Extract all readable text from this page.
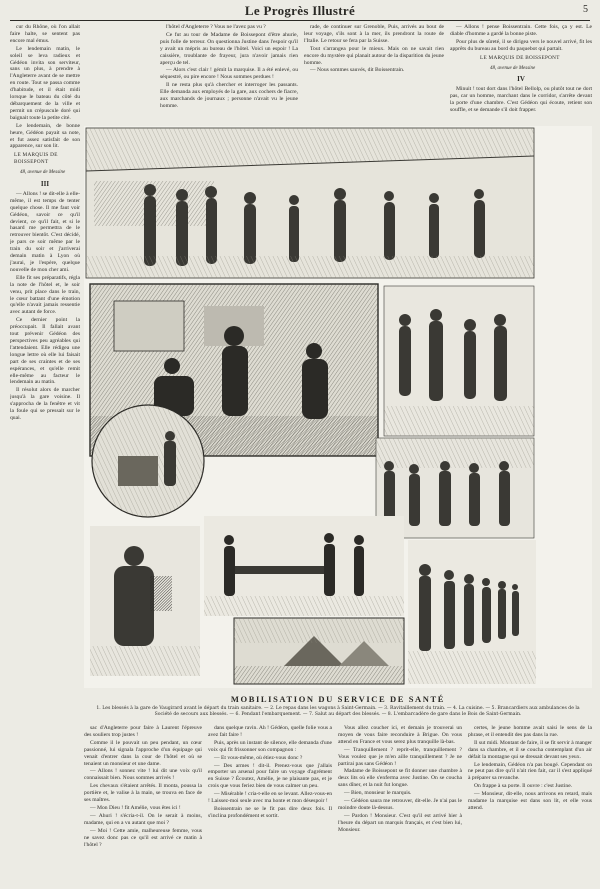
Le Progrès Illustré	5

l'hôtel d'Angleterre ? Vous ne l'avez pas vu ?

Ce fut au tour de Madame de Boissepont d'être ahurie, puis folle de terreur. On questionna Justine dans l'espoir qu'il y avait un mépris au bureau de l'hôtel. Voici un espoir ! La caissière, troublante de frayeur, jura n'avoir jamais rien aperçu de tel.

— Alors c'est clair ! gémit la marquise. Il a été enlevé, ou séquestré, ou pire encore ! Nous sommes perdues !

Il ne resta plus qu'à chercher et interroger les passants. Elle demanda aux employés de la gare, aux cochers de fiacre, aux marchands de journaux ; personne n'avait vu le jeune homme.

rade, de continuer sur Grenoble, Puis, arrivés au bout de leur voyage, s'ils sont à la mer, ils prendront la route de l'Italie. Le retour se fera par la Suisse.

Tout s'arrangea pour le mieux. Mais on ne savait rien encore du mystère qui planait autour de la disparition du jeune homme.

— Nous sommes sauvés, dit Boissentrain.

— Allons ! pense Boissentrain. Cette fois, ça y est. Le diable d'homme a gardé la bonne piste.

Pour plus de sûreté, il se dirigea vers le nouvel arrivé, fit les apprêts du bureau au bord du paquebot qui partait.

LE MARQUIS DE BOISSEPONT
48, avenue de Messine
IV

Minuit ! tout dort dans l'hôtel Bellolp, ou plutôt tout ne dort pas, car un homme, marchant dans le corridor, s'arrête devant la porte d'une chambre. C'est Gédéon qui écoute, retient son souffle, et se demande s'il doit frapper.

cur du Rhône, où l'on allait faire halte, se sentent pas encore mal émus.

Le lendemain matin, le soleil se leva radieux et Gédéon invita son serviteur, sans un plus, à prendre à l'Angleterre avant de se mettre en route. Tout se passa comme d'habitude, et il était midi lorsque le bateau du côté du débarquement de la ville et permit un crépuscule doré qui baignait toute la petite cité.

Le lendemain, de bonne heure, Gédéon payait sa note, et fut assez satisfait de son apparence, sur son lit.

LE MARQUIS DE BOISSEPONT
48, avenue de Messine
III

— Allons ! se dit-elle à elle-même, il est temps de tenter quelque chose. Il me faut voir Gédéon, savoir ce qu'il devient, ce qu'il fait, et si le hasard me permettra de le retrouver bientôt. C'est décidé, je pars ce soir même par le train du soir et j'arriverai demain matin à Lyon où j'aurai, je l'espère, quelque nouvelle de mon cher ami.

Elle fit ses préparatifs, régla la note de l'hôtel et, le soir venu, prit place dans le train, le cœur battant d'une émotion qu'elle n'avait jamais ressentie avec autant de force.

Ce dernier point la préoccupait. Il fallait avant tout prévenir Gédéon des perspectives peu agréables qui l'attendaient. Elle rédigea une longue lettre où elle lui faisait part de ses craintes et de ses espérances, et qu'elle remit elle-même au facteur le lendemain au matin.

Il résolut alors de marcher jusqu'à la gare voisine. Il s'approcha de la fenêtre et vit la foule qui se pressait sur le quai.

MOBILISATION DU SERVICE DE SANTÉ
1. Les blessés à la gare de Vaugirard avant le départ du train sanitaire. — 2. Le repas dans les wagons à Saint-Germain. — 3. Ravitaillement du train. — 4. La cuisine. — 5. Brancardiers aux ambulances de la Société de secours aux blessés. — 6. Pendant l'embarquement. — 7. Salut au départ des blessés. — 8. L'embarcadère de gare dans le Bois de Saint-Germain.

sac d'Angleterre pour faire à Laurent l'épreuve des souliers trop justes !

Comme il le pouvait un peu pendant, un cœur passionné, lui signala l'approche d'un équipage qui venait d'entrer dans la cour de l'hôtel et où se tenaient un monsieur et une dame.

— Allons ! sonnez vite ! lui dit une voix qu'il connaissait bien. Nous sommes arrivés !

Les chevaux s'étaient arrêtés. Il monta, poussa la portière et, le valise à la main, se trouva en face de ses maîtres.

— Mon Dieu ! fit Amélie, vous êtes ici !

— Ahuri ! s'écria-t-il. On le serait à moins, madame, qui en a vu autant que moi ?

— Moi ! Cette amie, malheureuse femme, vous ne savez donc pas ce qu'il est arrivé ce matin à l'hôtel ?

dans quelque ravin. Ah ! Gédéon, quelle folie vous a avez fait faire !

Puis, après un instant de silence, elle demanda d'une voix qui fit frissonner son compagnon :

— Et vous-même, où étiez-vous donc ?

— Des armes ! dit-il. Prenez-vous que j'allais emporter un arsenal pour faire un voyage d'agrément en Suisse ? Écoutez, Amélie, je ne plaisante pas, et je crois que vous feriez bien de vous calmer un peu.

— Misérable ! cria-t-elle en se levant. Allez-vous-en ! Laissez-moi seule avec ma honte et mon désespoir !

Boissentrain ne se le fit pas dire deux fois. Il s'inclina profondément et sortit.

Vous allez coucher ici, et demain je trouverai un moyen de vous faire reconduire à Brigue. On vous attend en France et vous serez plus tranquille là-bas.

— Tranquillement ? reprit-elle, tranquillement ? Vous voulez que je m'en aille tranquillement ? Je ne partirai pas sans Gédéon !

Madame de Boissepont se fit donner une chambre à deux lits où elle s'enferma avec Justine. On se coucha sans dîner, et la nuit fut longue.

— Bien, monsieur le marquis.

— Gédéon saura me retrouver, dit-elle. Je n'ai pas le moindre doute là-dessus.

— Pardon ! Monsieur. C'est qu'il est arrivé hier à l'heure du départ un marquis français, et c'est bien lui, Monsieur.

certes, le jeune homme avait saisi le sens de la phrase, et il entendit des pas dans la rue.

Il sut midi. Montant de faire, il se fit servir à manger dans sa chambre, et il se coucha contemplant d'un air défait la montagne qui se dressait devant ses yeux.

Le lendemain, Gédéon n'a pas bougé. Cependant on ne peut pas dire qu'il n'ait rien fait, car il s'est appliqué à préparer sa revanche.

On frappe à sa porte. Il ouvre : c'est Justine.

— Monsieur, dit-elle, nous arrivons en retard, mais madame la marquise est dans son lit, et elle vous attend.
